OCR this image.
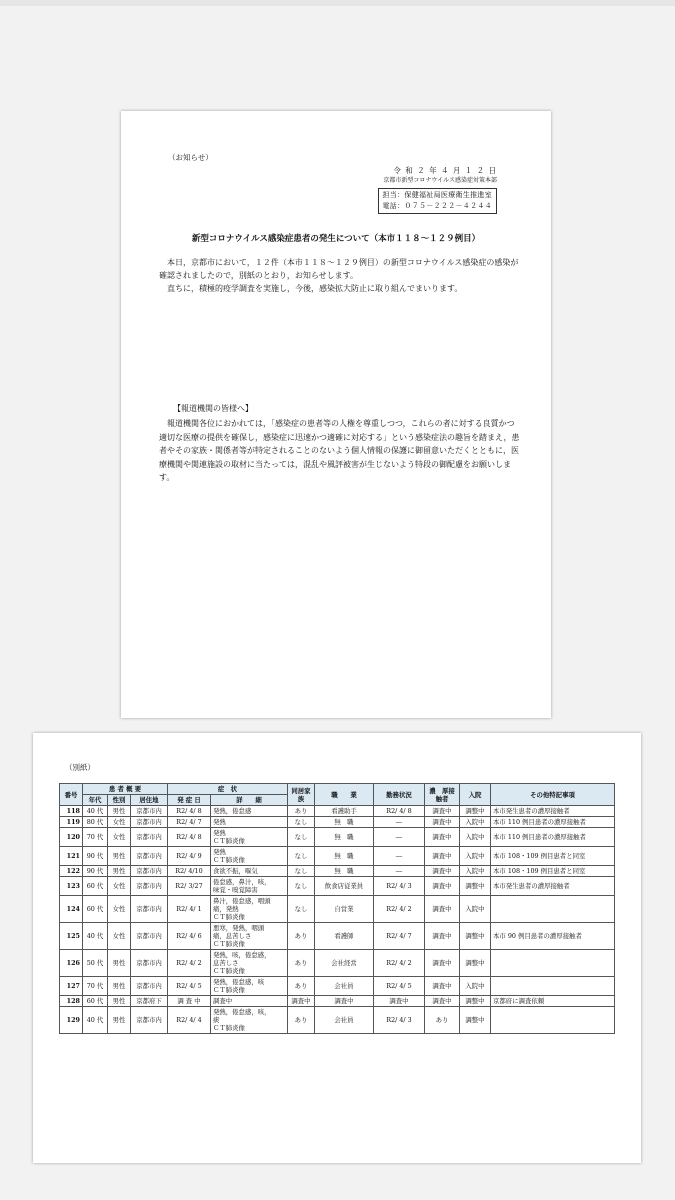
（お知らせ）
令 和 ２ 年 ４ 月 １ ２ 日
京都市新型コロナウイルス感染症対策本部
担当：保健福祉局医療衛生推進室
電話：０７５－２２２－４２４４
新型コロナウイルス感染症患者の発生について（本市１１８～１２９例目）

本日，京都市において，１２件（本市１１８～１２９例目）の新型コロナウイルス感染症の感染が確認されましたので，別紙のとおり，お知らせします。

直ちに，積極的疫学調査を実施し，今後，感染拡大防止に取り組んでまいります。

【報道機関の皆様へ】

報道機関各位におかれては，「感染症の患者等の人権を尊重しつつ，これらの者に対する良質かつ適切な医療の提供を確保し，感染症に迅速かつ適確に対応する」という感染症法の趣旨を踏まえ，患者やその家族・関係者等が特定されることのないよう個人情報の保護に御留意いただくとともに，医療機関や関連施設の取材に当たっては，混乱や風評被害が生じないよう特段の御配慮をお願いします。

（別紙）
番号	患 者 概 要			症　状		同居家族	職　　業	勤務状況	濃　厚接触者	入院	その他特記事項
	年代	性別	居住地	発 症 日	詳　　細						
118	40 代	男性	京都市内	R2/ 4/ 8	発熱，倦怠感	あり	看護助手	R2/ 4/ 8	調査中	調整中	本市発生患者の濃厚接触者
119	80 代	女性	京都市内	R2/ 4/ 7	発熱	なし	無　職	―	調査中	入院中	本市 110 例目患者の濃厚接触者
120	70 代	女性	京都市内	R2/ 4/ 8	発熱
ＣＴ肺炎像	なし	無　職	―	調査中	入院中	本市 110 例目患者の濃厚接触者
121	90 代	男性	京都市内	R2/ 4/ 9	発熱
ＣＴ肺炎像	なし	無　職	―	調査中	入院中	本市 108・109 例目患者と同室
122	90 代	男性	京都市内	R2/ 4/10	食欲不振，嘔気	なし	無　職	―	調査中	入院中	本市 108・109 例目患者と同室
123	60 代	女性	京都市内	R2/ 3/27	倦怠感，鼻汁，咳，
味覚・嗅覚障害	なし	飲食店従業員	R2/ 4/ 3	調査中	調整中	本市発生患者の濃厚接触者
124	60 代	女性	京都市内	R2/ 4/ 1	鼻汁，倦怠感，咽頭
痛，発熱
ＣＴ肺炎像	なし	自営業	R2/ 4/ 2	調査中	入院中	
125	40 代	女性	京都市内	R2/ 4/ 6	悪寒，発熱，咽頭
痛，息苦しさ
ＣＴ肺炎像	あり	看護師	R2/ 4/ 7	調査中	調整中	本市 90 例目患者の濃厚接触者
126	50 代	男性	京都市内	R2/ 4/ 2	発熱，咳，倦怠感，
息苦しさ
ＣＴ肺炎像	あり	会社経営	R2/ 4/ 2	調査中	調整中	
127	70 代	男性	京都市内	R2/ 4/ 5	発熱，倦怠感，咳
ＣＴ肺炎像	あり	会社員	R2/ 4/ 5	調査中	入院中	
128	60 代	男性	京都府下	調 査 中	調査中	調査中	調査中	調査中	調査中	調整中	京都府に調査依頼
129	40 代	男性	京都市内	R2/ 4/ 4	発熱，倦怠感，咳，
痰
ＣＴ肺炎像	あり	会社員	R2/ 4/ 3	あり	調整中	
